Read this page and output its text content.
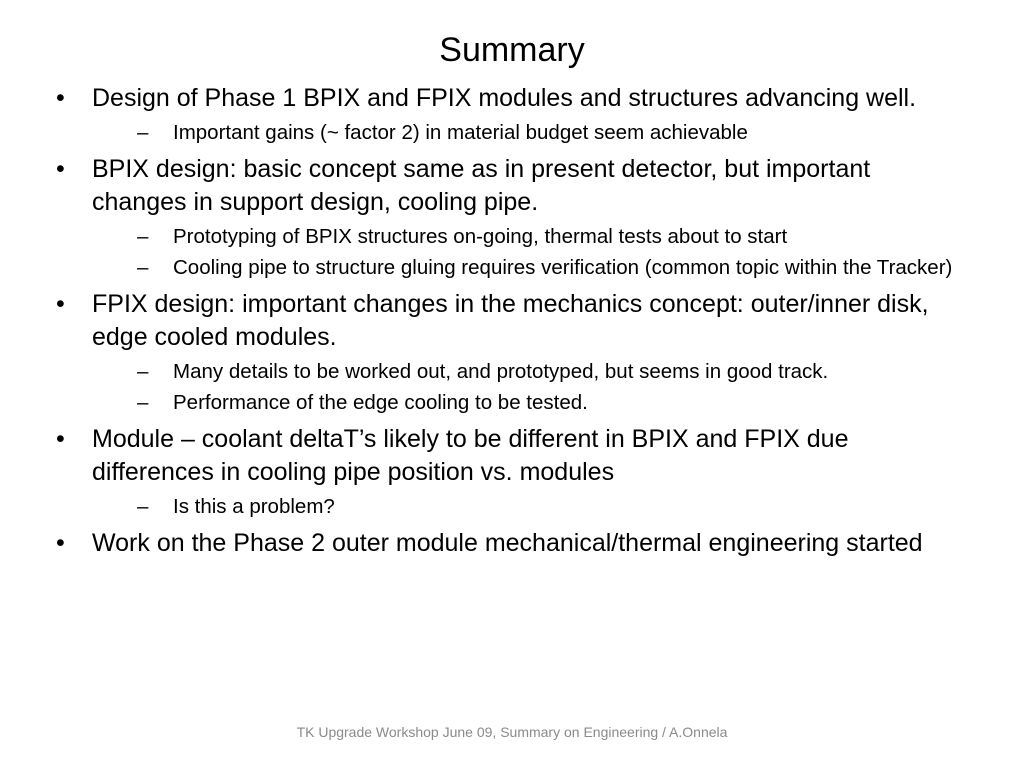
Summary
•	Design of Phase 1 BPIX and FPIX modules and structures advancing well.
–	Important gains (~ factor 2) in material budget seem achievable
•	BPIX design: basic concept same as in present detector, but important changes in support design, cooling pipe.
–	Prototyping of BPIX structures on-going, thermal tests about to start
–	Cooling pipe to structure gluing requires verification (common topic within the Tracker)
•	FPIX design: important changes in the mechanics concept: outer/inner disk, edge cooled modules.
–	Many details to be worked out, and prototyped, but seems in good track.
–	Performance of the edge cooling to be tested.
•	Module – coolant deltaT’s likely to be different in BPIX and FPIX due differences in cooling pipe position vs. modules
–	Is this a problem?
•	Work on the Phase 2 outer module mechanical/thermal engineering started
TK Upgrade Workshop June 09, Summary on Engineering / A.Onnela
